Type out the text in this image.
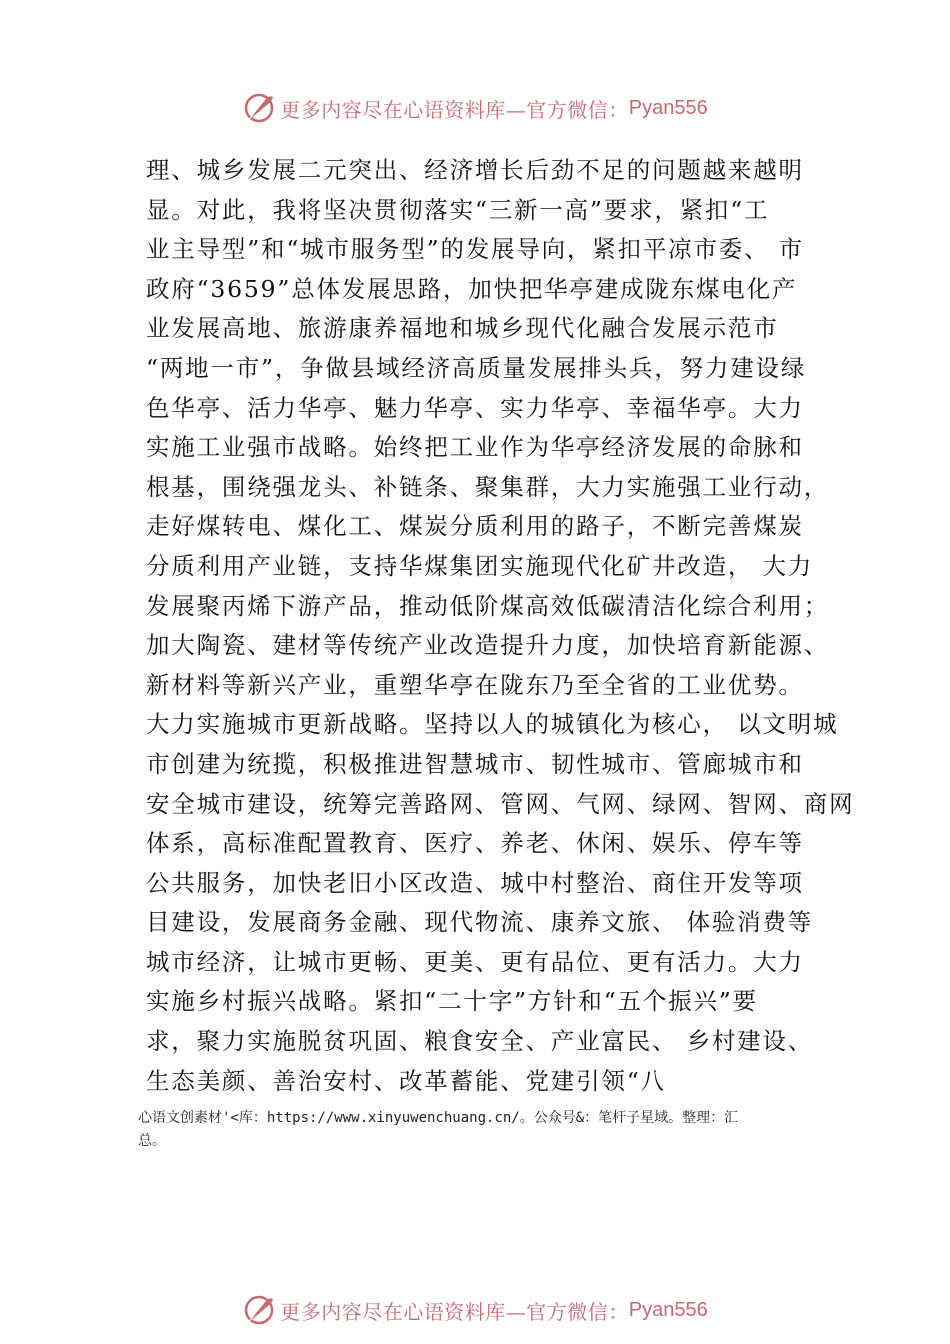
更多内容尽在心语资料库—官方微信： Pyan556
理、城乡发展二元突出、经济增长后劲不足的问题越来越明
显。对此，我将坚决贯彻落实“三新一高”要求，紧扣“工
业主导型”和“城市服务型”的发展导向，紧扣平凉市委、 市
政府“3659”总体发展思路，加快把华亭建成陇东煤电化产
业发展高地、旅游康养福地和城乡现代化融合发展示范市
“两地一市”，争做县域经济高质量发展排头兵，努力建设绿
色华亭、活力华亭、魅力华亭、实力华亭、幸福华亭。大力
实施工业强市战略。始终把工业作为华亭经济发展的命脉和
根基，围绕强龙头、补链条、聚集群，大力实施强工业行动，
走好煤转电、煤化工、煤炭分质利用的路子，不断完善煤炭
分质利用产业链，支持华煤集团实施现代化矿井改造， 大力
发展聚丙烯下游产品，推动低阶煤高效低碳清洁化综合利用；
加大陶瓷、建材等传统产业改造提升力度，加快培育新能源、
新材料等新兴产业，重塑华亭在陇东乃至全省的工业优势。
大力实施城市更新战略。坚持以人的城镇化为核心， 以文明城
市创建为统揽，积极推进智慧城市、韧性城市、管廊城市和
安全城市建设，统筹完善路网、管网、气网、绿网、智网、商网
体系，高标准配置教育、医疗、养老、休闲、娱乐、停车等
公共服务，加快老旧小区改造、城中村整治、商住开发等项
目建设，发展商务金融、现代物流、康养文旅、 体验消费等
城市经济，让城市更畅、更美、更有品位、更有活力。大力
实施乡村振兴战略。紧扣“二十字”方针和“五个振兴”要
求，聚力实施脱贫巩固、粮食安全、产业富民、 乡村建设、
生态美颜、善治安村、改革蓄能、党建引领“八
心语文创素材'<库：https://www.xinyuwenchuang.cn/。公众号&：笔杆子星域。整理：汇
总。
更多内容尽在心语资料库—官方微信： Pyan556
